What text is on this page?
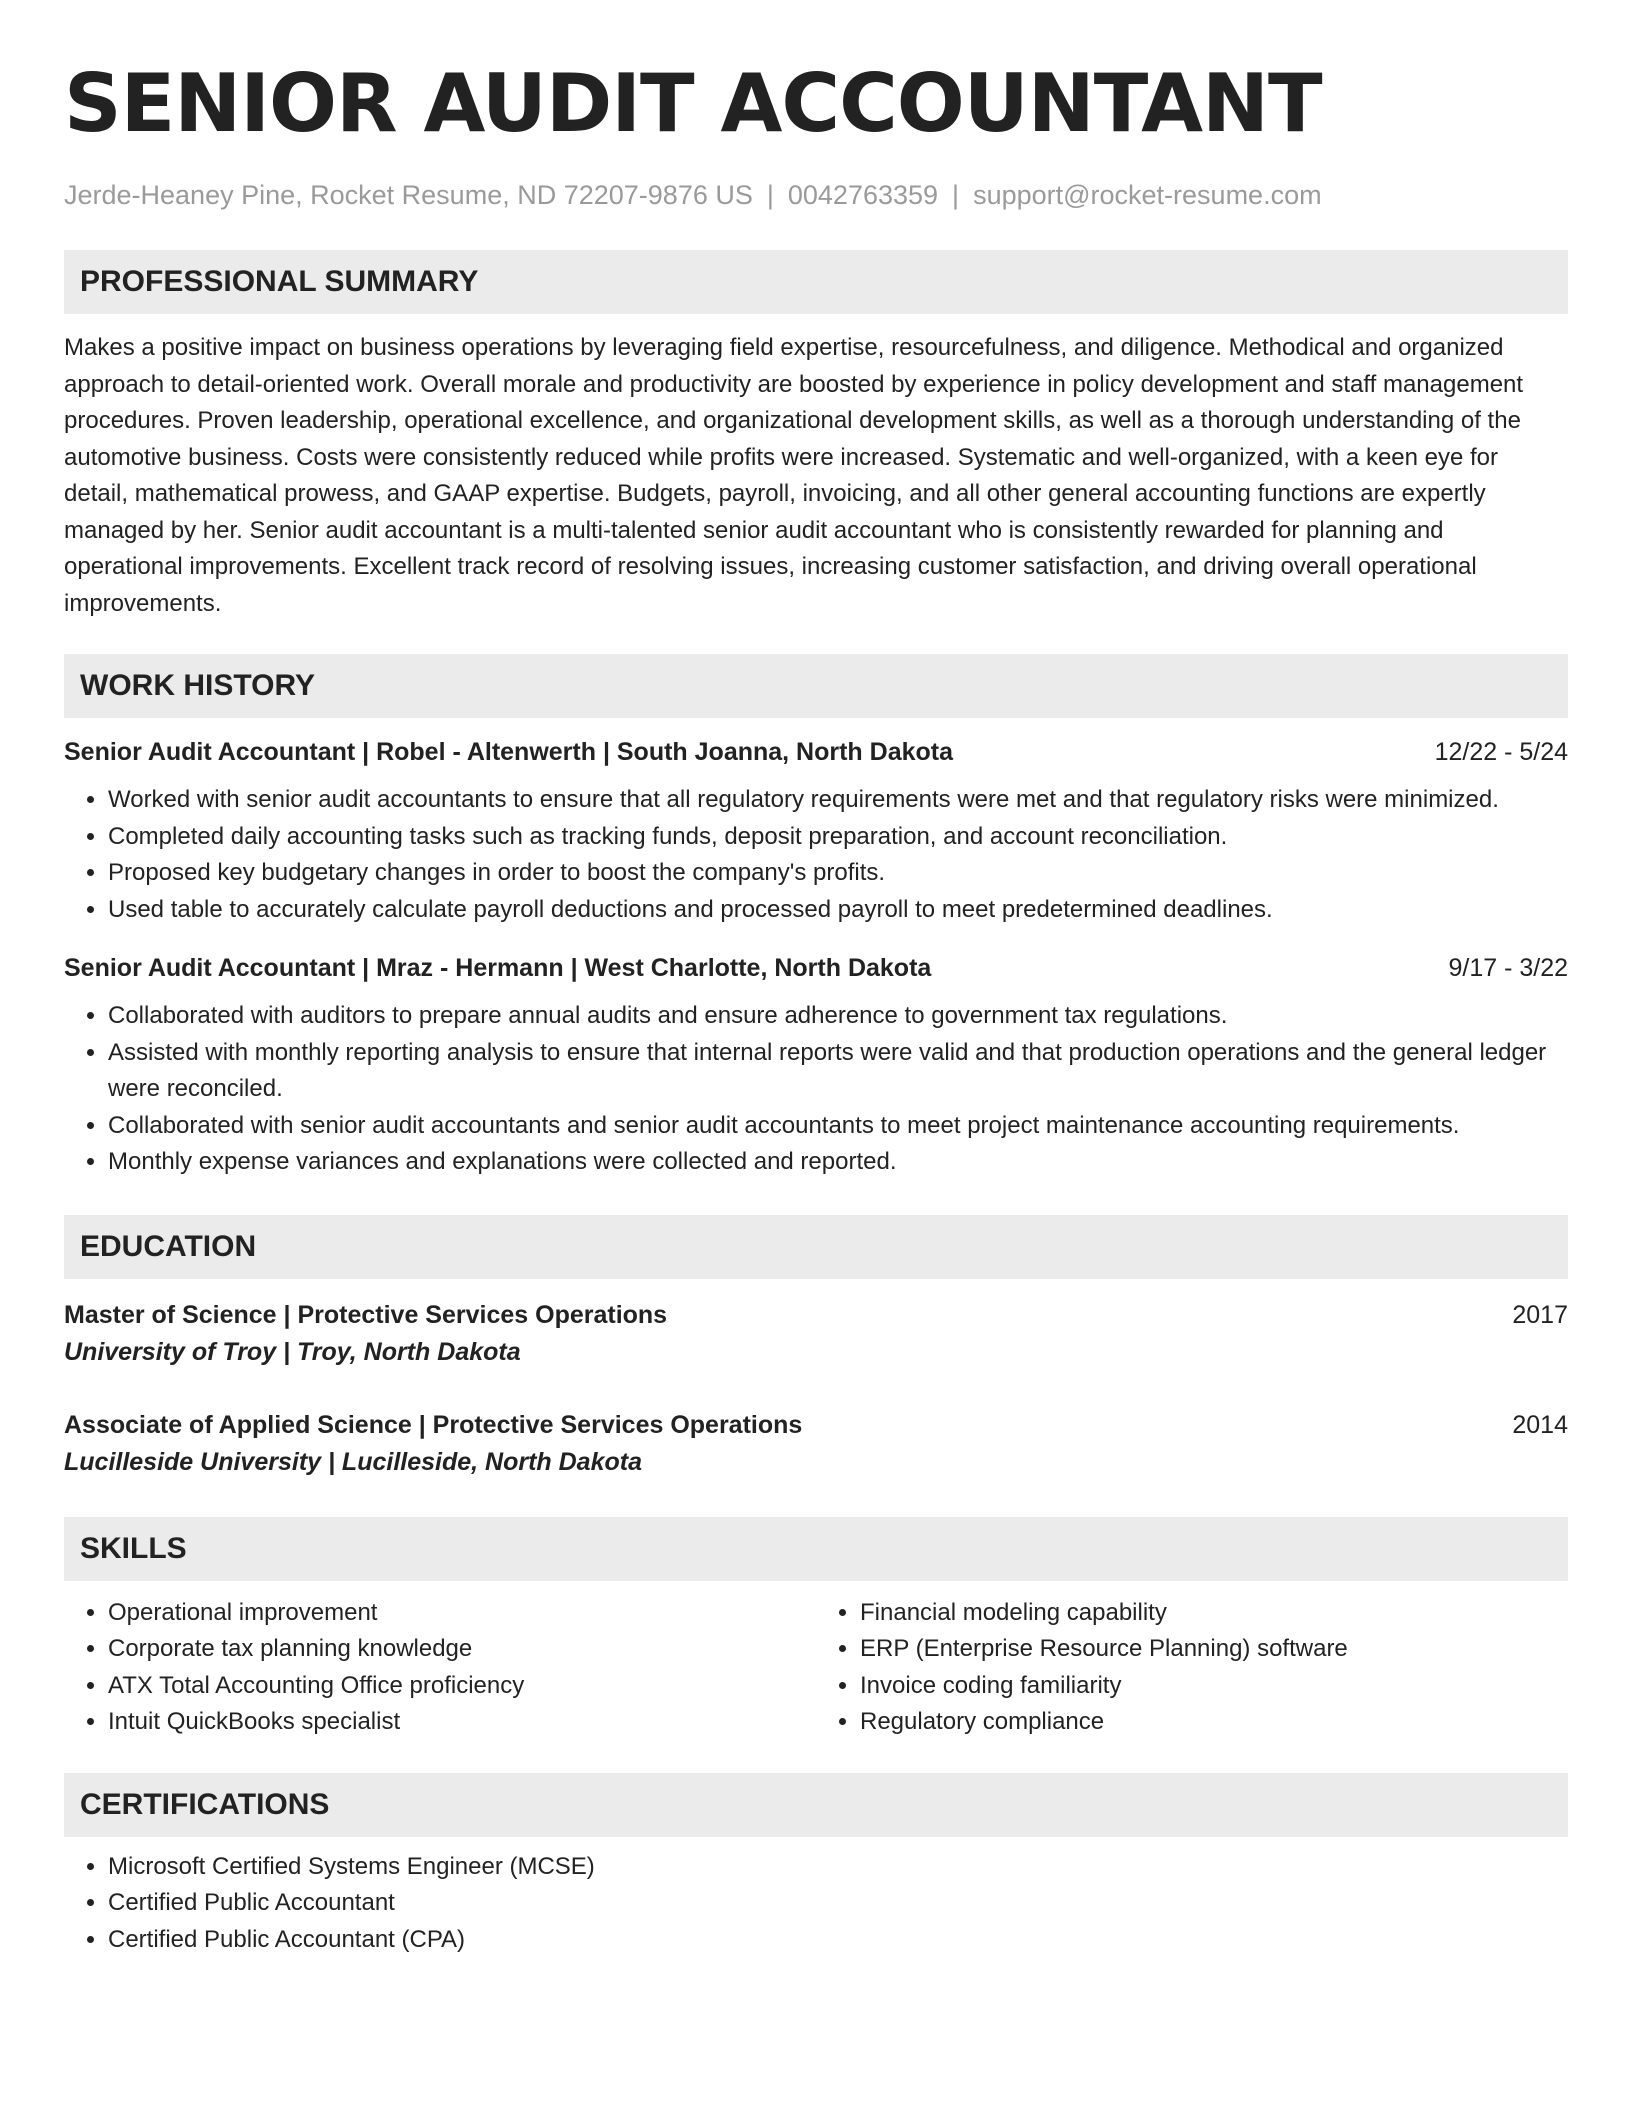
SENIOR AUDIT ACCOUNTANT
Jerde-Heaney Pine, Rocket Resume, ND 72207-9876 US | 0042763359 | support@rocket-resume.com
PROFESSIONAL SUMMARY
Makes a positive impact on business operations by leveraging field expertise, resourcefulness, and diligence. Methodical and organized approach to detail-oriented work. Overall morale and productivity are boosted by experience in policy development and staff management procedures. Proven leadership, operational excellence, and organizational development skills, as well as a thorough understanding of the automotive business. Costs were consistently reduced while profits were increased. Systematic and well-organized, with a keen eye for detail, mathematical prowess, and GAAP expertise. Budgets, payroll, invoicing, and all other general accounting functions are expertly managed by her. Senior audit accountant is a multi-talented senior audit accountant who is consistently rewarded for planning and operational improvements. Excellent track record of resolving issues, increasing customer satisfaction, and driving overall operational improvements.
WORK HISTORY
Senior Audit Accountant | Robel - Altenwerth | South Joanna, North Dakota	12/22 - 5/24
• Worked with senior audit accountants to ensure that all regulatory requirements were met and that regulatory risks were minimized.
• Completed daily accounting tasks such as tracking funds, deposit preparation, and account reconciliation.
• Proposed key budgetary changes in order to boost the company's profits.
• Used table to accurately calculate payroll deductions and processed payroll to meet predetermined deadlines.
Senior Audit Accountant | Mraz - Hermann | West Charlotte, North Dakota	9/17 - 3/22
• Collaborated with auditors to prepare annual audits and ensure adherence to government tax regulations.
• Assisted with monthly reporting analysis to ensure that internal reports were valid and that production operations and the general ledger were reconciled.
• Collaborated with senior audit accountants and senior audit accountants to meet project maintenance accounting requirements.
• Monthly expense variances and explanations were collected and reported.
EDUCATION
Master of Science | Protective Services Operations	2017
University of Troy | Troy, North Dakota
Associate of Applied Science | Protective Services Operations	2014
Lucilleside University | Lucilleside, North Dakota
SKILLS
• Operational improvement
• Corporate tax planning knowledge
• ATX Total Accounting Office proficiency
• Intuit QuickBooks specialist
• Financial modeling capability
• ERP (Enterprise Resource Planning) software
• Invoice coding familiarity
• Regulatory compliance
CERTIFICATIONS
• Microsoft Certified Systems Engineer (MCSE)
• Certified Public Accountant
• Certified Public Accountant (CPA)
